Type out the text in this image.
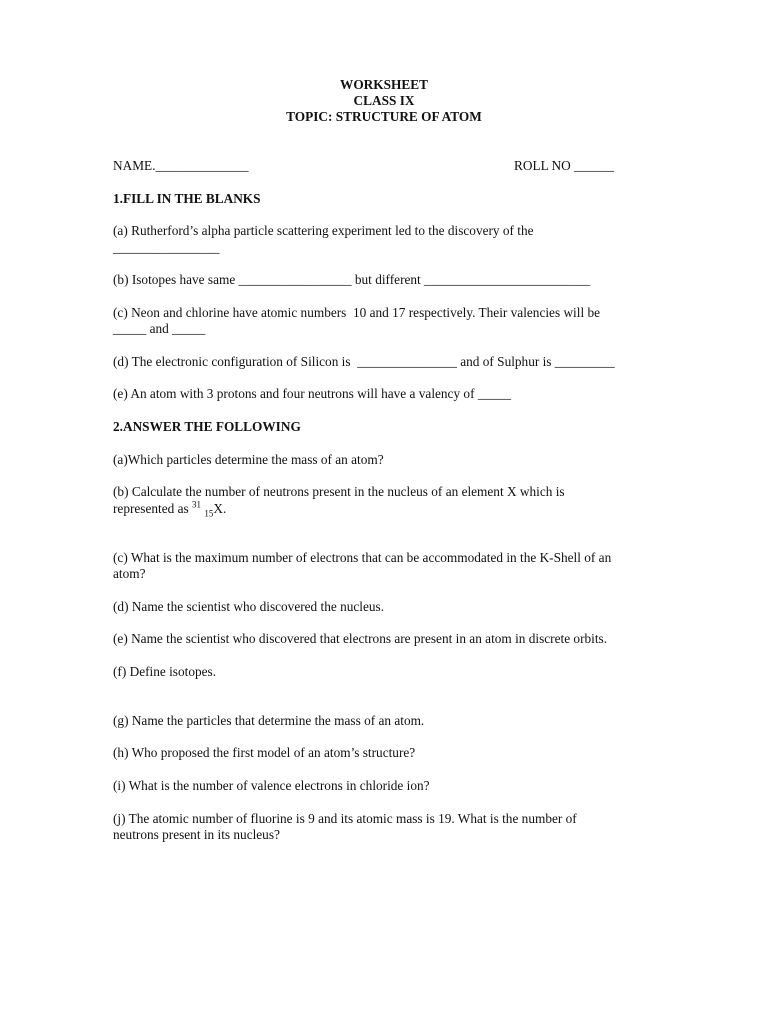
WORKSHEET
CLASS IX
TOPIC: STRUCTURE OF ATOM
NAME.______________	ROLL NO ______
1.FILL IN THE BLANKS
(a) Rutherford’s alpha particle scattering experiment led to the discovery of the
________________
(b) Isotopes have same _________________ but different _________________________
(c) Neon and chlorine have atomic numbers  10 and 17 respectively. Their valencies will be
_____ and _____
(d) The electronic configuration of Silicon is  _______________ and of Sulphur is _________
(e) An atom with 3 protons and four neutrons will have a valency of _____
2.ANSWER THE FOLLOWING
(a)Which particles determine the mass of an atom?
(b) Calculate the number of neutrons present in the nucleus of an element X which is
represented as $^{31}$ $_{15}$X.
(c) What is the maximum number of electrons that can be accommodated in the K-Shell of an
atom?
(d) Name the scientist who discovered the nucleus.
(e) Name the scientist who discovered that electrons are present in an atom in discrete orbits.
(f) Define isotopes.
(g) Name the particles that determine the mass of an atom.
(h) Who proposed the first model of an atom’s structure?
(i) What is the number of valence electrons in chloride ion?
(j) The atomic number of fluorine is 9 and its atomic mass is 19. What is the number of
neutrons present in its nucleus?
